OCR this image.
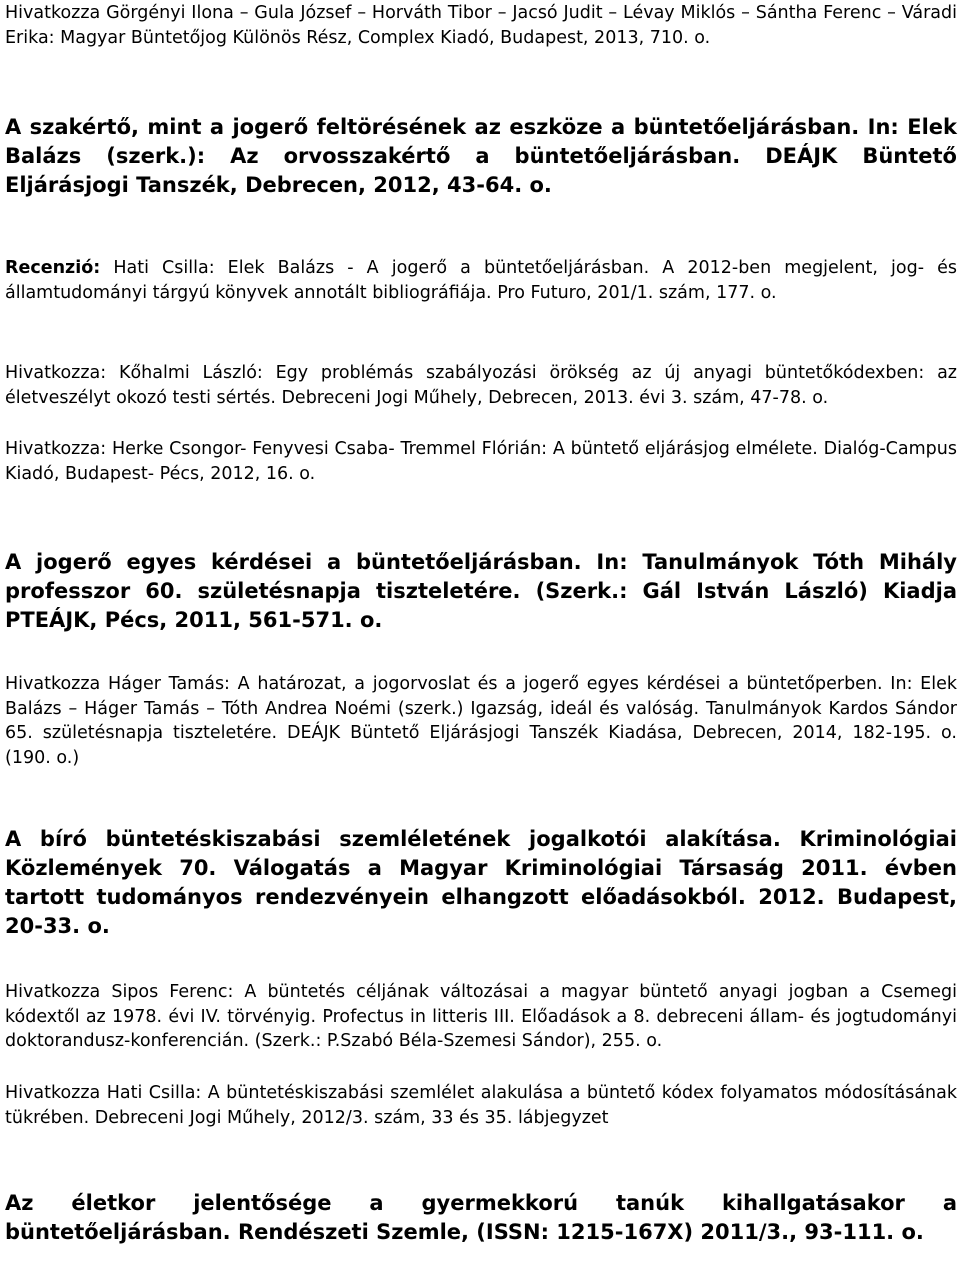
Hivatkozza Görgényi Ilona – Gula József – Horváth Tibor – Jacsó Judit – Lévay Miklós – Sántha Ferenc – Váradi Erika: Magyar Büntetőjog Különös Rész, Complex Kiadó, Budapest, 2013, 710. o.

A szakértő, mint a jogerő feltörésének az eszköze a büntetőeljárásban. In: Elek Balázs (szerk.): Az orvosszakértő a büntetőeljárásban. DEÁJK Büntető Eljárásjogi Tanszék, Debrecen, 2012, 43-64. o.

Recenzió: Hati Csilla: Elek Balázs - A jogerő a büntetőeljárásban. A 2012-ben megjelent, jog- és államtudományi tárgyú könyvek annotált bibliográfiája. Pro Futuro, 201/1. szám, 177. o.

Hivatkozza: Kőhalmi László: Egy problémás szabályozási örökség az új anyagi büntetőkódexben: az életveszélyt okozó testi sértés. Debreceni Jogi Műhely, Debrecen, 2013. évi 3. szám, 47-78. o.

Hivatkozza: Herke Csongor- Fenyvesi Csaba- Tremmel Flórián: A büntető eljárásjog elmélete. Dialóg-Campus Kiadó, Budapest- Pécs, 2012, 16. o.

A jogerő egyes kérdései a büntetőeljárásban. In: Tanulmányok Tóth Mihály professzor 60. születésnapja tiszteletére. (Szerk.: Gál István László) Kiadja PTEÁJK, Pécs, 2011, 561-571. o.

Hivatkozza Háger Tamás: A határozat, a jogorvoslat és a jogerő egyes kérdései a büntetőperben. In: Elek Balázs – Háger Tamás – Tóth Andrea Noémi (szerk.) Igazság, ideál és valóság. Tanulmányok Kardos Sándor 65. születésnapja tiszteletére. DEÁJK Büntető Eljárásjogi Tanszék Kiadása, Debrecen, 2014, 182-195. o. (190. o.)

A bíró büntetéskiszabási szemléletének jogalkotói alakítása. Kriminológiai Közlemények 70. Válogatás a Magyar Kriminológiai Társaság 2011. évben tartott tudományos rendezvényein elhangzott előadásokból. 2012. Budapest, 20-33. o.

Hivatkozza Sipos Ferenc: A büntetés céljának változásai a magyar büntető anyagi jogban a Csemegi kódextől az 1978. évi IV. törvényig. Profectus in litteris III. Előadások a 8. debreceni állam- és jogtudományi doktorandusz-konferencián. (Szerk.: P.Szabó Béla-Szemesi Sándor), 255. o.

Hivatkozza Hati Csilla: A büntetéskiszabási szemlélet alakulása a büntető kódex folyamatos módosításának tükrében. Debreceni Jogi Műhely, 2012/3. szám, 33 és 35. lábjegyzet

Az életkor jelentősége a gyermekkorú tanúk kihallgatásakor a büntetőeljárásban. Rendészeti Szemle, (ISSN: 1215-167X) 2011/3., 93-111. o.
